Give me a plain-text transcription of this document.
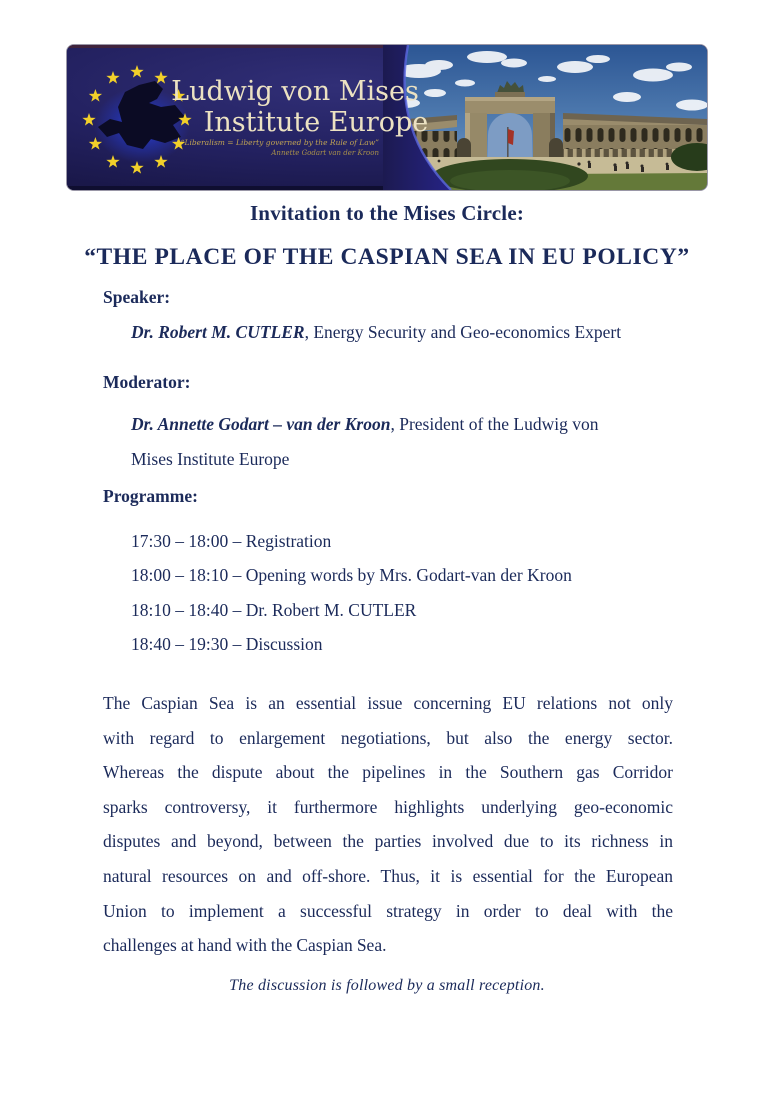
Ludwig von Mises
Institute Europe
“Liberalism = Liberty governed by the Rule of Law”
Annette Godart van der Kroon
Invitation to the Mises Circle:
“THE PLACE OF THE CASPIAN SEA IN EU POLICY”
Speaker:
Dr. Robert M. CUTLER, Energy Security and Geo-economics Expert
Moderator:
Dr. Annette Godart – van der Kroon, President of the Ludwig von
Mises Institute Europe
Programme:
17:30 – 18:00 – Registration
18:00 – 18:10 – Opening words by Mrs. Godart-van der Kroon
18:10 – 18:40 – Dr. Robert M. CUTLER
18:40 – 19:30 – Discussion
The Caspian Sea is an essential issue concerning EU relations not only
with regard to enlargement negotiations, but also the energy sector.
Whereas the dispute about the pipelines in the Southern gas Corridor
sparks controversy, it furthermore highlights underlying geo-economic
disputes and beyond, between the parties involved due to its richness in
natural resources on and off-shore. Thus, it is essential for the European
Union to implement a successful strategy in order to deal with the
challenges at hand with the Caspian Sea.
The discussion is followed by a small reception.
